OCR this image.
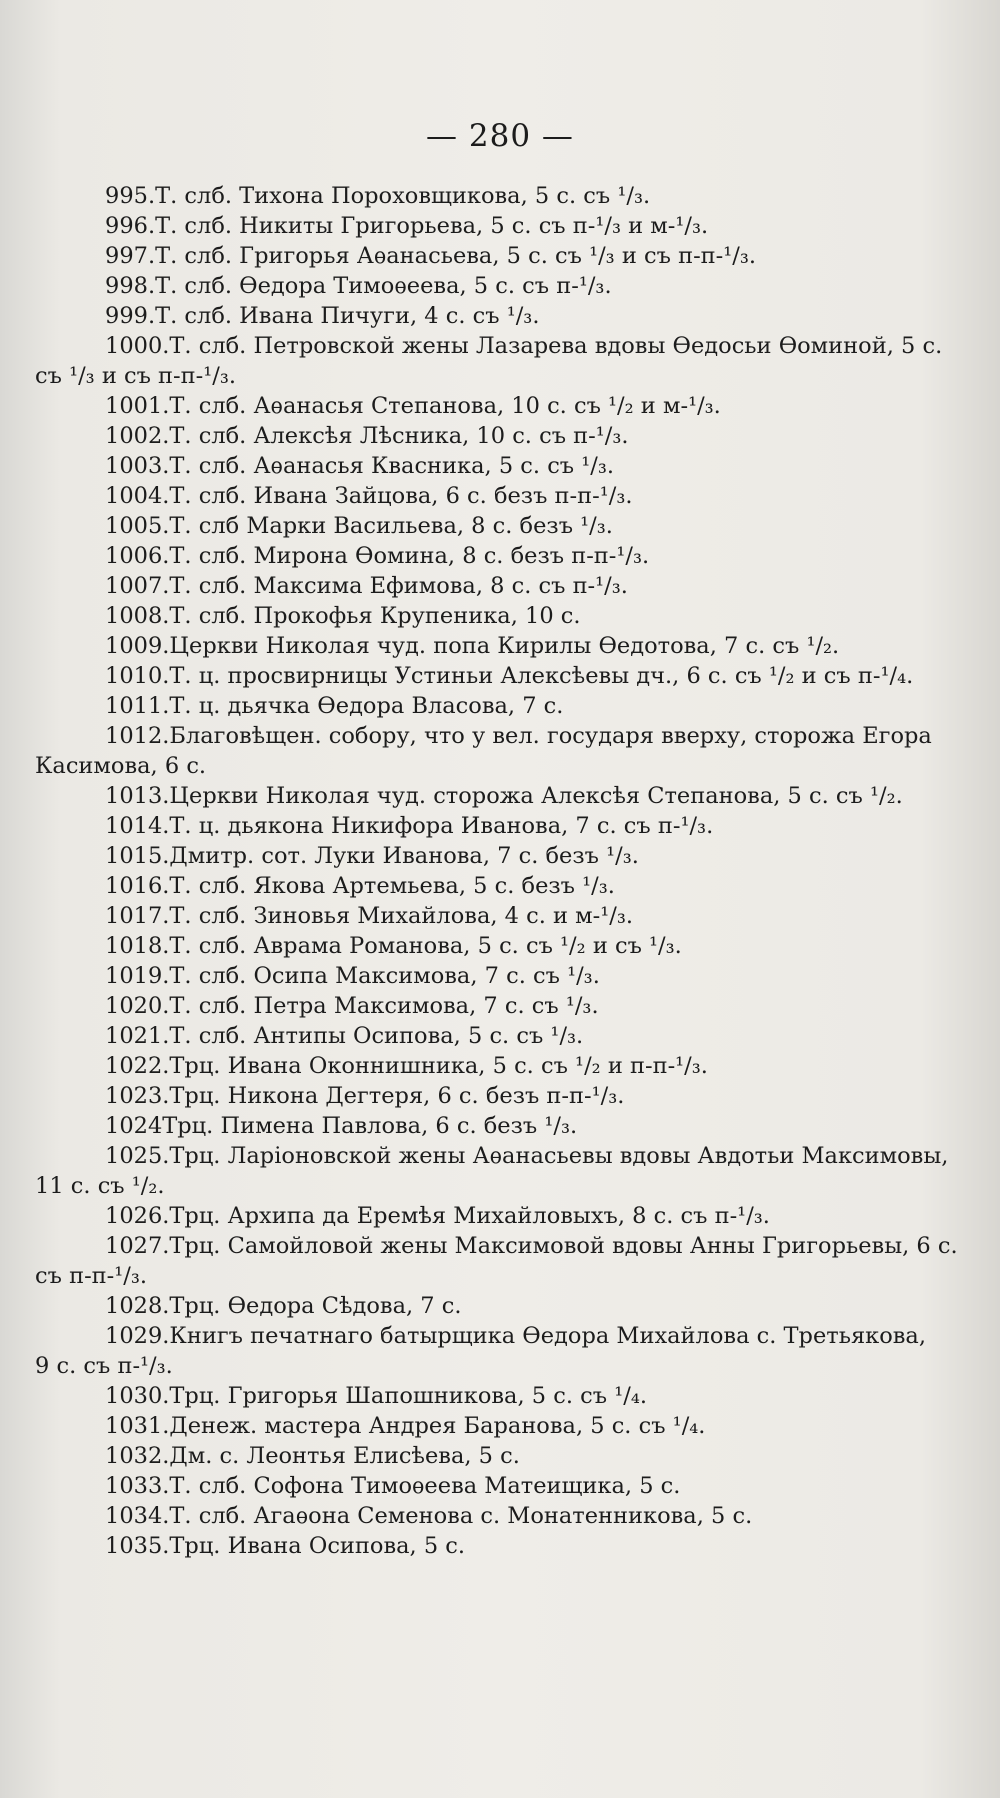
— 280 —
995.Т. слб. Тихона Пороховщикова, 5 с. съ ¹/₃.
996.Т. слб. Никиты Григорьева, 5 с. съ п-¹/₃ и м-¹/₃.
997.Т. слб. Григорья Аѳанасьева, 5 с. съ ¹/₃ и съ п-п-¹/₃.
998.Т. слб. Ѳедора Тимоѳеева, 5 с. съ п-¹/₃.
999.Т. слб. Ивана Пичуги, 4 с. съ ¹/₃.
1000.Т. слб. Петровской жены Лазарева вдовы Ѳедосьи Ѳоминой, 5 с.
съ ¹/₃ и съ п-п-¹/₃.
1001.Т. слб. Аѳанасья Степанова, 10 с. съ ¹/₂ и м-¹/₃.
1002.Т. слб. Алексѣя Лѣсника, 10 с. съ п-¹/₃.
1003.Т. слб. Аѳанасья Квасника, 5 с. съ ¹/₃.
1004.Т. слб. Ивана Зайцова, 6 с. безъ п-п-¹/₃.
1005.Т. слб Марки Васильева, 8 с. безъ ¹/₃.
1006.Т. слб. Мирона Ѳомина, 8 с. безъ п-п-¹/₃.
1007.Т. слб. Максима Ефимова, 8 с. съ п-¹/₃.
1008.Т. слб. Прокофья Крупеника, 10 с.
1009.Церкви Николая чуд. попа Кирилы Ѳедотова, 7 с. съ ¹/₂.
1010.Т. ц. просвирницы Устиньи Алексѣевы дч., 6 с. съ ¹/₂ и съ п-¹/₄.
1011.Т. ц. дьячка Ѳедора Власова, 7 с.
1012.Благовѣщен. собору, что у вел. государя вверху, сторожа Егора
Касимова, 6 с.
1013.Церкви Николая чуд. сторожа Алексѣя Степанова, 5 с. съ ¹/₂.
1014.Т. ц. дьякона Никифора Иванова, 7 с. съ п-¹/₃.
1015.Дмитр. сот. Луки Иванова, 7 с. безъ ¹/₃.
1016.Т. слб. Якова Артемьева, 5 с. безъ ¹/₃.
1017.Т. слб. Зиновья Михайлова, 4 с. и м-¹/₃.
1018.Т. слб. Аврама Романова, 5 с. съ ¹/₂ и съ ¹/₃.
1019.Т. слб. Осипа Максимова, 7 с. съ ¹/₃.
1020.Т. слб. Петра Максимова, 7 с. съ ¹/₃.
1021.Т. слб. Антипы Осипова, 5 с. съ ¹/₃.
1022.Трц. Ивана Оконнишника, 5 с. съ ¹/₂ и п-п-¹/₃.
1023.Трц. Никона Дегтеря, 6 с. безъ п-п-¹/₃.
1024Трц. Пимена Павлова, 6 с. безъ ¹/₃.
1025.Трц. Ларіоновской жены Аѳанасьевы вдовы Авдотьи Максимовы,
11 с. съ ¹/₂.
1026.Трц. Архипа да Еремѣя Михайловыхъ, 8 с. съ п-¹/₃.
1027.Трц. Самойловой жены Максимовой вдовы Анны Григорьевы, 6 с.
съ п-п-¹/₃.
1028.Трц. Ѳедора Сѣдова, 7 с.
1029.Книгъ печатнаго батырщика Ѳедора Михайлова с. Третьякова,
9 с. съ п-¹/₃.
1030.Трц. Григорья Шапошникова, 5 с. съ ¹/₄.
1031.Денеж. мастера Андрея Баранова, 5 с. съ ¹/₄.
1032.Дм. с. Леонтья Елисѣева, 5 с.
1033.Т. слб. Софона Тимоѳеева Матеищика, 5 с.
1034.Т. слб. Агаѳона Семенова с. Монатенникова, 5 с.
1035.Трц. Ивана Осипова, 5 с.
